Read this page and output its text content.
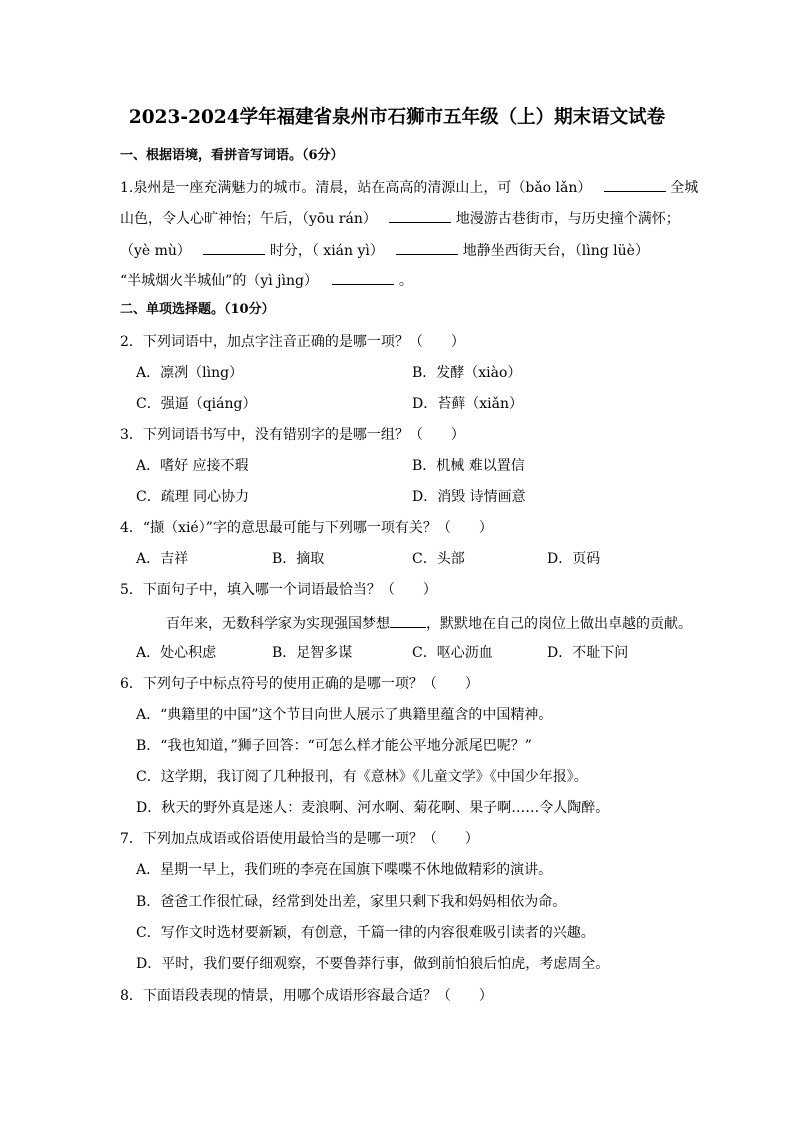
2023-2024学年福建省泉州市石狮市五年级（上）期末语文试卷
一、根据语境，看拼音写词语。（6分）
1.泉州是一座充满魅力的城市。清晨，站在高高的清源山上，可（bǎo lǎn）	全城
山色，令人心旷神怡；午后，（yōu rán）	地漫游古巷街市，与历史撞个满怀；
（yè mù）	时分，（ xián yì）	地静坐西街天台，（lìng lüè）
“半城烟火半城仙”的（yì jìng）	。
二、单项选择题。（10分）
2．下列词语中，加点字注音正确的是哪一项？（　　）
A．凛冽（lìng）	B．发酵（xiào）
C．强逼（qiáng）	D．苔藓（xiǎn）
3．下列词语书写中，没有错别字的是哪一组？（　　）
A．嗜好 应接不瑕	B．机械 难以置信
C．疏理 同心协力	D．消毁 诗情画意
4．“撷（xié）”字的意思最可能与下列哪一项有关？（　　）
A．吉祥	B．摘取	C．头部	D．页码
5．下面句子中，填入哪一个词语最恰当？（　　）
百年来，无数科学家为实现强国梦想	，默默地在自己的岗位上做出卓越的贡献。
A．处心积虑	B．足智多谋	C．呕心沥血	D．不耻下问
6．下列句子中标点符号的使用正确的是哪一项？（　　）
A．“典籍里的中国”这个节目向世人展示了典籍里蕴含的中国精神。
B．“我也知道，”狮子回答：“可怎么样才能公平地分派尾巴呢？”
C．这学期，我订阅了几种报刊，有《意林》《儿童文学》《中国少年报》。
D．秋天的野外真是迷人：麦浪啊、河水啊、菊花啊、果子啊……令人陶醉。
7．下列加点成语或俗语使用最恰当的是哪一项？（　　）
A．星期一早上，我们班的李亮在国旗下喋喋不休地做精彩的演讲。
B．爸爸工作很忙碌，经常到处出差，家里只剩下我和妈妈相依为命。
C．写作文时选材要新颖，有创意，千篇一律的内容很难吸引读者的兴趣。
D．平时，我们要仔细观察，不要鲁莽行事，做到前怕狼后怕虎，考虑周全。
8．下面语段表现的情景，用哪个成语形容最合适？（　　）
